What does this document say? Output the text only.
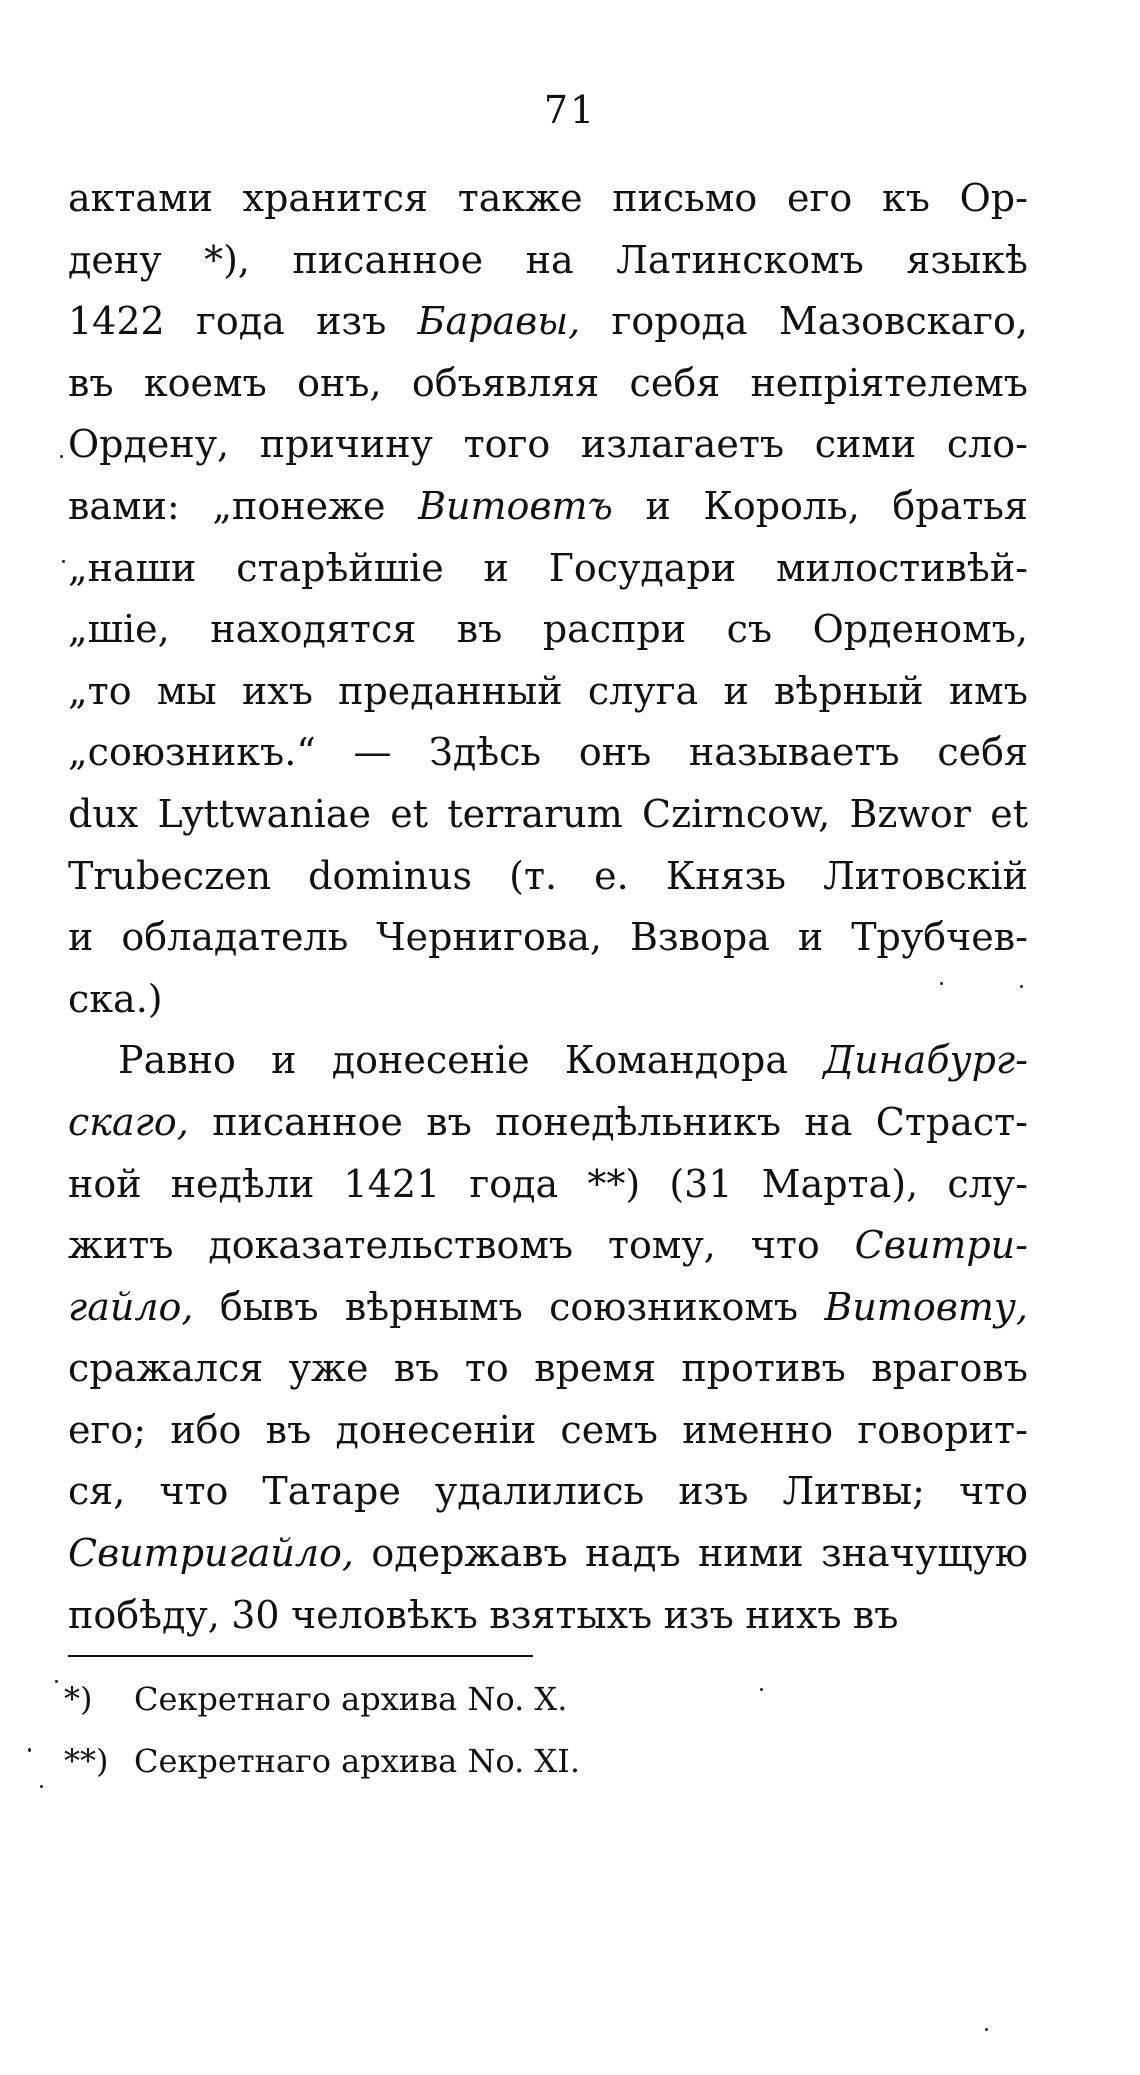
71
актами хранится также письмо его къ Ор-
дену *), писанное на Латинскомъ языкѣ
1422 года изъ Баравы, города Мазовскаго,
въ коемъ онъ, объявляя себя непріятелемъ
Ордену, причину того излагаетъ сими сло-
вами: „понеже Витовтъ и Король, братья
„наши старѣйшіе и Государи милостивѣй-
„шіе, находятся въ распри съ Орденомъ,
„то мы ихъ преданный слуга и вѣрный имъ
„союзникъ.“ — Здѣсь онъ называетъ себя
dux Lyttwaniae et terrarum Czirncow, Bzwor et
Trubeczen dominus (т. е. Князь Литовскій
и обладатель Чернигова, Взвора и Трубчев-
ска.)
Равно и донесеніе Командора Динабург-
скаго, писанное въ понедѣльникъ на Страст-
ной недѣли 1421 года **) (31 Марта), слу-
житъ доказательствомъ тому, что Свитри-
гайло, бывъ вѣрнымъ союзникомъ Витовту,
сражался уже въ то время противъ враговъ
его; ибо въ донесеніи семъ именно говорит-
ся, что Татаре удалились изъ Литвы; что
Свитригайло, одержавъ надъ ними значущую
побѣду, 30 человѣкъ взятыхъ изъ нихъ въ
*) Секретнаго архива No. X.
**) Секретнаго архива No. XI.
